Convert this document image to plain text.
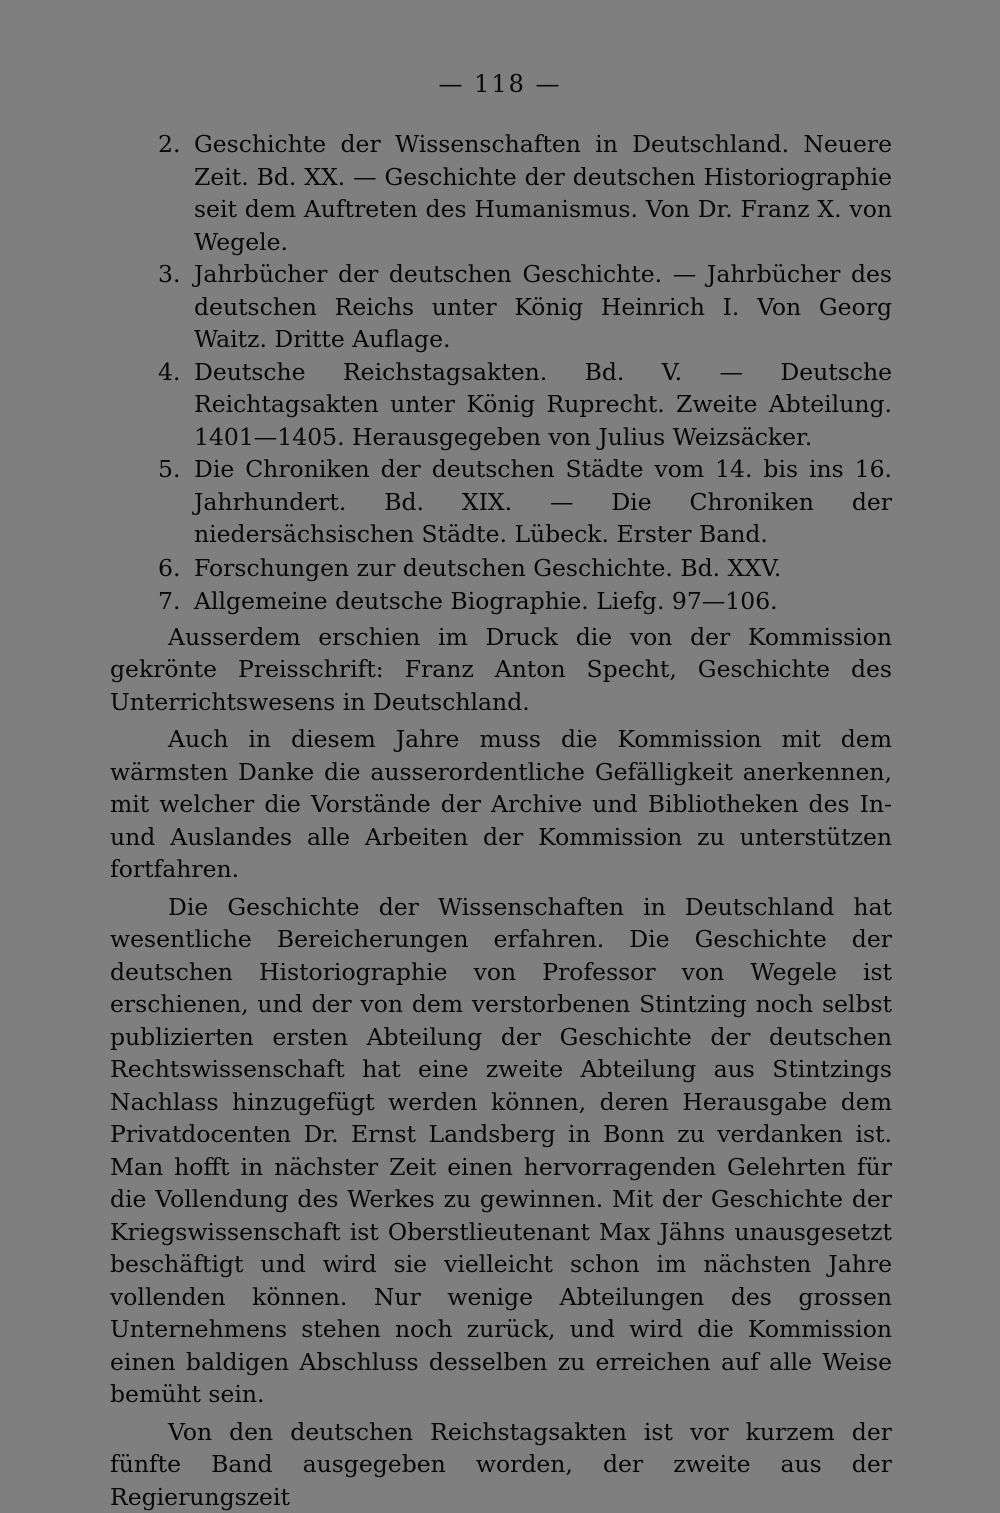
— 118 —
2. Geschichte der Wissenschaften in Deutschland. Neuere Zeit. Bd. XX. — Geschichte der deutschen Historiographie seit dem Auftreten des Humanismus. Von Dr. Franz X. von Wegele.
3. Jahrbücher der deutschen Geschichte. — Jahrbücher des deutschen Reichs unter König Heinrich I. Von Georg Waitz. Dritte Auflage.
4. Deutsche Reichstagsakten. Bd. V. — Deutsche Reichtagsakten unter König Ruprecht. Zweite Abteilung. 1401—1405. Herausgegeben von Julius Weizsäcker.
5. Die Chroniken der deutschen Städte vom 14. bis ins 16. Jahrhundert. Bd. XIX. — Die Chroniken der niedersächsischen Städte. Lübeck. Erster Band.
6. Forschungen zur deutschen Geschichte. Bd. XXV.
7. Allgemeine deutsche Biographie. Liefg. 97—106.

Ausserdem erschien im Druck die von der Kommission gekrönte Preisschrift: Franz Anton Specht, Geschichte des Unterrichtswesens in Deutschland.

Auch in diesem Jahre muss die Kommission mit dem wärmsten Danke die ausserordentliche Gefälligkeit anerkennen, mit welcher die Vorstände der Archive und Bibliotheken des In- und Auslandes alle Arbeiten der Kommission zu unterstützen fortfahren.

Die Geschichte der Wissenschaften in Deutschland hat wesentliche Bereicherungen erfahren. Die Geschichte der deutschen Historiographie von Professor von Wegele ist erschienen, und der von dem verstorbenen Stintzing noch selbst publizierten ersten Abteilung der Geschichte der deutschen Rechtswissenschaft hat eine zweite Abteilung aus Stintzings Nachlass hinzugefügt werden können, deren Herausgabe dem Privatdocenten Dr. Ernst Landsberg in Bonn zu verdanken ist. Man hofft in nächster Zeit einen hervorragenden Gelehrten für die Vollendung des Werkes zu gewinnen. Mit der Geschichte der Kriegswissenschaft ist Oberstlieutenant Max Jähns unausgesetzt beschäftigt und wird sie vielleicht schon im nächsten Jahre vollenden können. Nur wenige Abteilungen des grossen Unternehmens stehen noch zurück, und wird die Kommission einen baldigen Abschluss desselben zu erreichen auf alle Weise bemüht sein.

Von den deutschen Reichstagsakten ist vor kurzem der fünfte Band ausgegeben worden, der zweite aus der Regierungszeit
